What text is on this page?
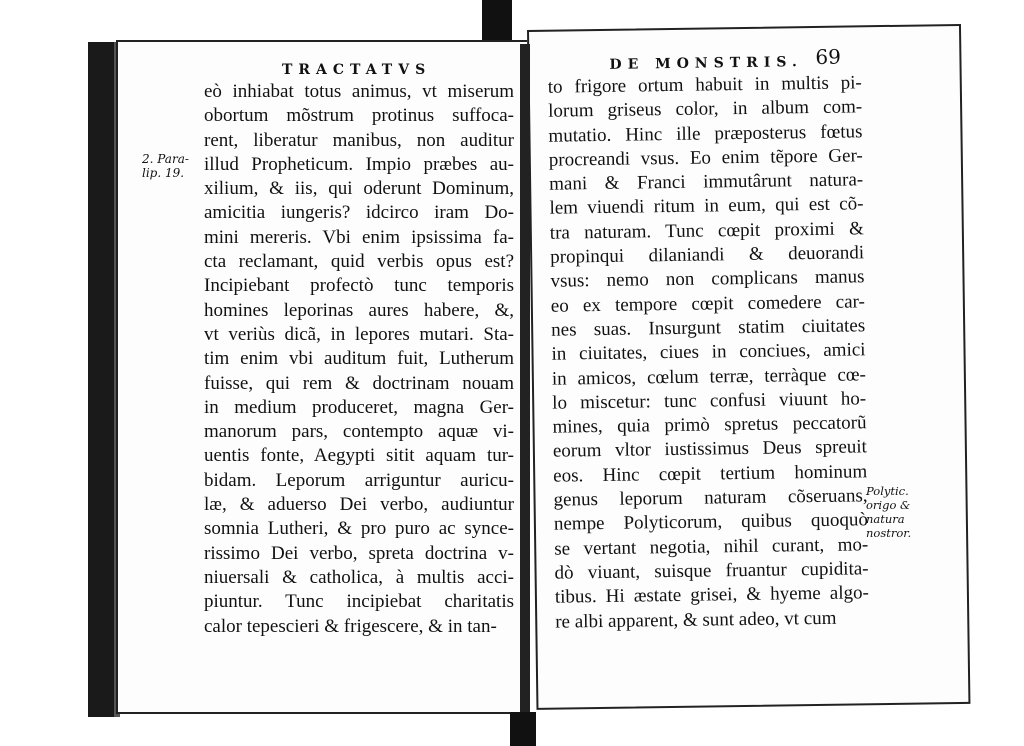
TRACTATVS
eò inhiabat totus animus, vt miserum
obortum mõstrum protinus suffoca-
rent, liberatur manibus, non auditur
illud Propheticum. Impio præbes au-
xilium, & iis, qui oderunt Dominum,
amicitia iungeris? idcirco iram Do-
mini mereris. Vbi enim ipsissima fa-
cta reclamant, quid verbis opus est?
Incipiebant profectò tunc temporis
homines leporinas aures habere, &,
vt veriùs dicã, in lepores mutari. Sta-
tim enim vbi auditum fuit, Lutherum
fuisse, qui rem & doctrinam nouam
in medium produceret, magna Ger-
manorum pars, contempto aquæ vi-
uentis fonte, Aegypti sitit aquam tur-
bidam. Leporum arriguntur auricu-
læ, & aduerso Dei verbo, audiuntur
somnia Lutheri, & pro puro ac synce-
rissimo Dei verbo, spreta doctrina v-
niuersali & catholica, à multis acci-
piuntur. Tunc incipiebat charitatis
calor tepescieri & frigescere, & in tan-
2. Para-
lip. 19.
DE MONSTRIS. 69
to frigore ortum habuit in multis pi-
lorum griseus color, in album com-
mutatio. Hinc ille præposterus fœtus
procreandi vsus. Eo enim tẽpore Ger-
mani & Franci immutârunt natura-
lem viuendi ritum in eum, qui est cõ-
tra naturam. Tunc cœpit proximi &
propinqui dilaniandi & deuorandi
vsus: nemo non complicans manus
eo ex tempore cœpit comedere car-
nes suas. Insurgunt statim ciuitates
in ciuitates, ciues in conciues, amici
in amicos, cœlum terræ, terràque cœ-
lo miscetur: tunc confusi viuunt ho-
mines, quia primò spretus peccatorũ
eorum vltor iustissimus Deus spreuit
eos. Hinc cœpit tertium hominum
genus leporum naturam cõseruans,
nempe Polyticorum, quibus quoquò
se vertant negotia, nihil curant, mo-
dò viuant, suisque fruantur cupidita-
tibus. Hi æstate grisei, & hyeme algo-
re albi apparent, & sunt adeo, vt cum
Polytic.
origo &
natura
nostror.
